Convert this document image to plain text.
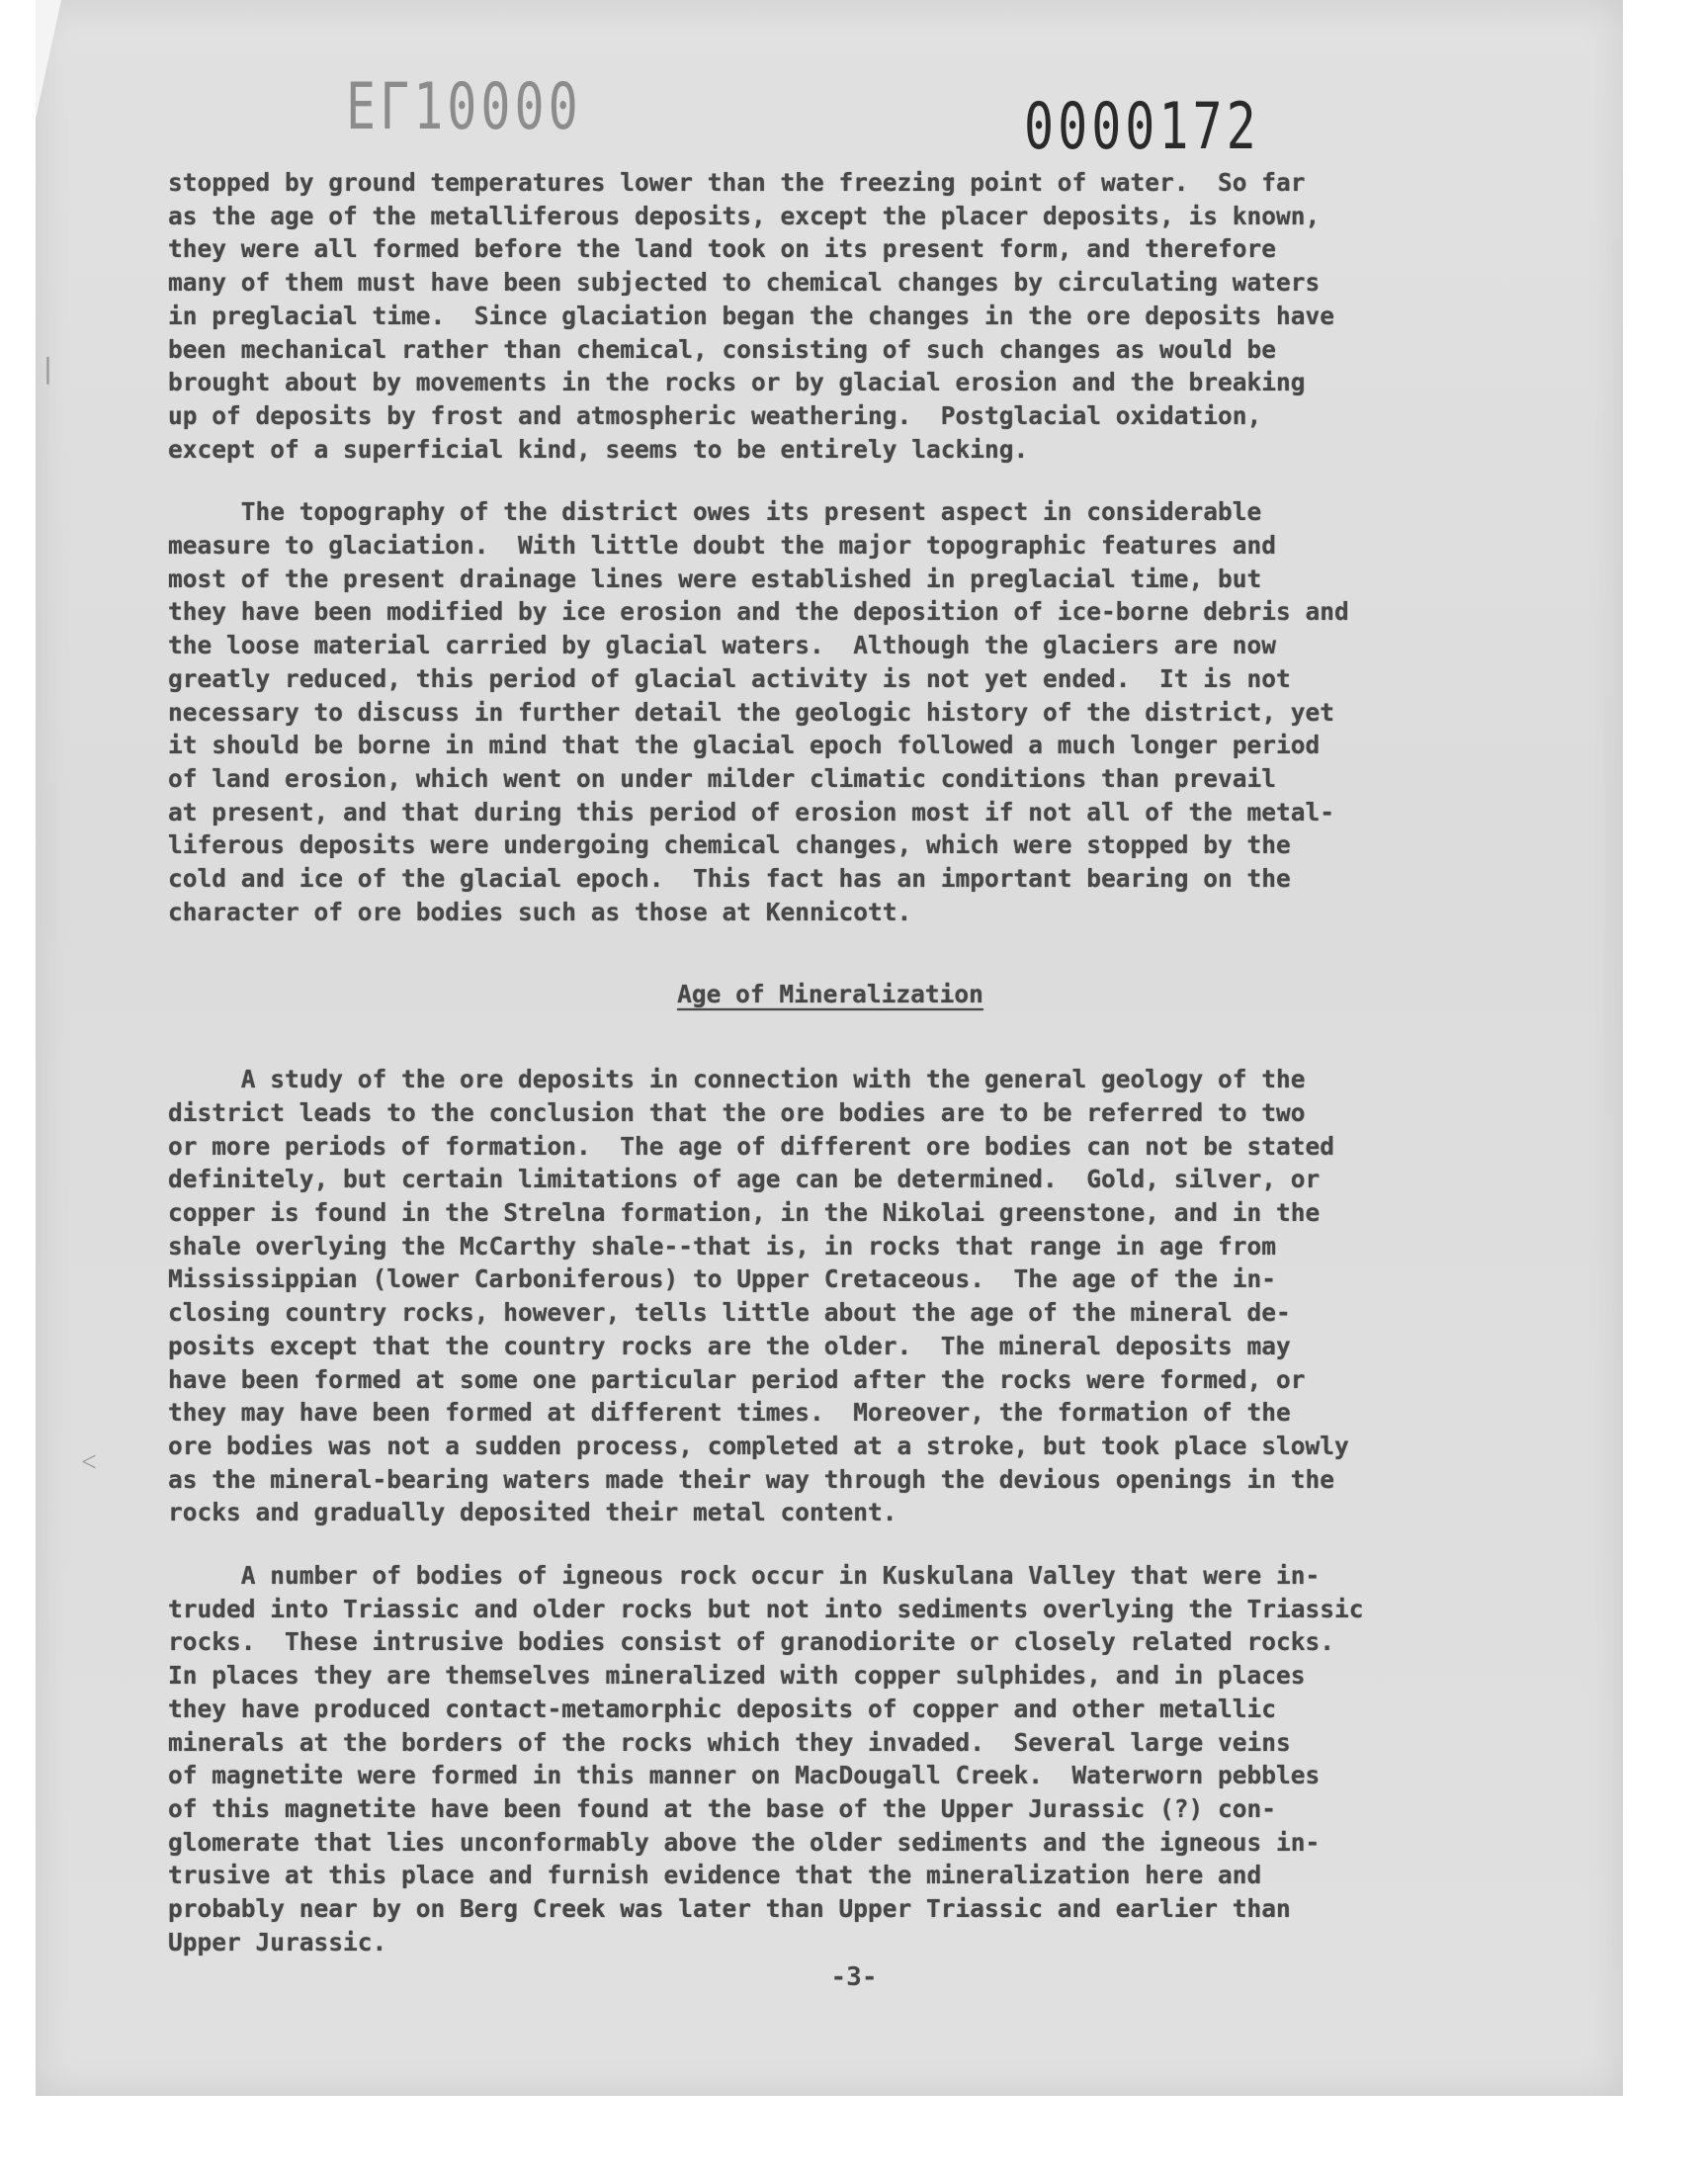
EΓ10000	0000172
|
˂

stopped by ground temperatures lower than the freezing point of water.  So far
as the age of the metalliferous deposits, except the placer deposits, is known,
they were all formed before the land took on its present form, and therefore
many of them must have been subjected to chemical changes by circulating waters
in preglacial time.  Since glaciation began the changes in the ore deposits have
been mechanical rather than chemical, consisting of such changes as would be
brought about by movements in the rocks or by glacial erosion and the breaking
up of deposits by frost and atmospheric weathering.  Postglacial oxidation,
except of a superficial kind, seems to be entirely lacking.

The topography of the district owes its present aspect in considerable
measure to glaciation.  With little doubt the major topographic features and
most of the present drainage lines were established in preglacial time, but
they have been modified by ice erosion and the deposition of ice-borne debris and
the loose material carried by glacial waters.  Although the glaciers are now
greatly reduced, this period of glacial activity is not yet ended.  It is not
necessary to discuss in further detail the geologic history of the district, yet
it should be borne in mind that the glacial epoch followed a much longer period
of land erosion, which went on under milder climatic conditions than prevail
at present, and that during this period of erosion most if not all of the metal-
liferous deposits were undergoing chemical changes, which were stopped by the
cold and ice of the glacial epoch.  This fact has an important bearing on the
character of ore bodies such as those at Kennicott.

Age of Mineralization

A study of the ore deposits in connection with the general geology of the
district leads to the conclusion that the ore bodies are to be referred to two
or more periods of formation.  The age of different ore bodies can not be stated
definitely, but certain limitations of age can be determined.  Gold, silver, or
copper is found in the Strelna formation, in the Nikolai greenstone, and in the
shale overlying the McCarthy shale--that is, in rocks that range in age from
Mississippian (lower Carboniferous) to Upper Cretaceous.  The age of the in-
closing country rocks, however, tells little about the age of the mineral de-
posits except that the country rocks are the older.  The mineral deposits may
have been formed at some one particular period after the rocks were formed, or
they may have been formed at different times.  Moreover, the formation of the
ore bodies was not a sudden process, completed at a stroke, but took place slowly
as the mineral-bearing waters made their way through the devious openings in the
rocks and gradually deposited their metal content.

A number of bodies of igneous rock occur in Kuskulana Valley that were in-
truded into Triassic and older rocks but not into sediments overlying the Triassic
rocks.  These intrusive bodies consist of granodiorite or closely related rocks.
In places they are themselves mineralized with copper sulphides, and in places
they have produced contact-metamorphic deposits of copper and other metallic
minerals at the borders of the rocks which they invaded.  Several large veins
of magnetite were formed in this manner on MacDougall Creek.  Waterworn pebbles
of this magnetite have been found at the base of the Upper Jurassic (?) con-
glomerate that lies unconformably above the older sediments and the igneous in-
trusive at this place and furnish evidence that the mineralization here and
probably near by on Berg Creek was later than Upper Triassic and earlier than
Upper Jurassic.

-3-
